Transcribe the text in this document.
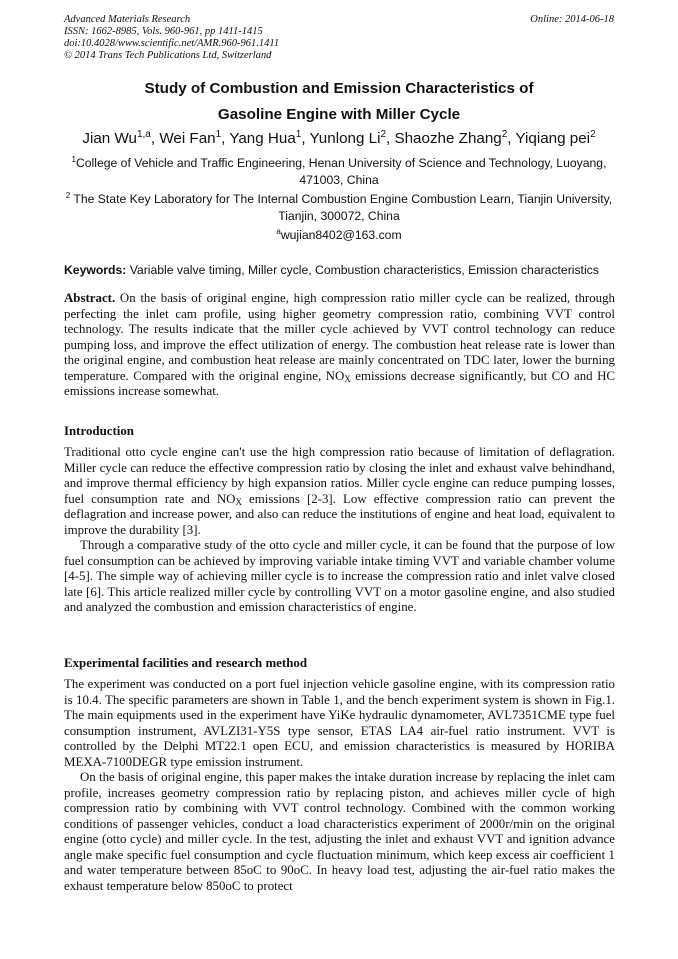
Advanced Materials Research
ISSN: 1662-8985, Vols. 960-961, pp 1411-1415
doi:10.4028/www.scientific.net/AMR.960-961.1411
© 2014 Trans Tech Publications Ltd, Switzerland
Online: 2014-06-18
Study of Combustion and Emission Characteristics of
Gasoline Engine with Miller Cycle
Jian Wu$^{1,a}$, Wei Fan$^1$, Yang Hua$^1$, Yunlong Li$^2$, Shaozhe Zhang$^2$, Yiqiang pei$^2$
$^1$College of Vehicle and Traffic Engineering, Henan University of Science and Technology, Luoyang, 471003, China
$^2$ The State Key Laboratory for The Internal Combustion Engine Combustion Learn, Tianjin University, Tianjin, 300072, China
$^a$wujian8402@163.com
Keywords: Variable valve timing, Miller cycle, Combustion characteristics, Emission characteristics
Abstract. On the basis of original engine, high compression ratio miller cycle can be realized, through perfecting the inlet cam profile, using higher geometry compression ratio, combining VVT control technology. The results indicate that the miller cycle achieved by VVT control technology can reduce pumping loss, and improve the effect utilization of energy. The combustion heat release rate is lower than the original engine, and combustion heat release are mainly concentrated on TDC later, lower the burning temperature. Compared with the original engine, $NO_X$ emissions decrease significantly, but CO and HC emissions increase somewhat.
Introduction
Traditional otto cycle engine can't use the high compression ratio because of limitation of deflagration. Miller cycle can reduce the effective compression ratio by closing the inlet and exhaust valve behindhand, and improve thermal efficiency by high expansion ratios. Miller cycle engine can reduce pumping losses, fuel consumption rate and $NO_X$ emissions [2-3]. Low effective compression ratio can prevent the deflagration and increase power, and also can reduce the institutions of engine and heat load, equivalent to improve the durability [3].
Through a comparative study of the otto cycle and miller cycle, it can be found that the purpose of low fuel consumption can be achieved by improving variable intake timing VVT and variable chamber volume [4-5]. The simple way of achieving miller cycle is to increase the compression ratio and inlet valve closed late [6]. This article realized miller cycle by controlling VVT on a motor gasoline engine, and also studied and analyzed the combustion and emission characteristics of engine.
Experimental facilities and research method
The experiment was conducted on a port fuel injection vehicle gasoline engine, with its compression ratio is 10.4. The specific parameters are shown in Table 1, and the bench experiment system is shown in Fig.1. The main equipments used in the experiment have YiKe hydraulic dynamometer, AVL7351CME type fuel consumption instrument, AVLZI31-Y5S type sensor, ETAS LA4 air-fuel ratio instrument. VVT is controlled by the Delphi MT22.1 open ECU, and emission characteristics is measured by HORIBA MEXA-7100DEGR type emission instrument.
On the basis of original engine, this paper makes the intake duration increase by replacing the inlet cam profile, increases geometry compression ratio by replacing piston, and achieves miller cycle of high compression ratio by combining with VVT control technology. Combined with the common working conditions of passenger vehicles, conduct a load characteristics experiment of 2000r/min on the original engine (otto cycle) and miller cycle. In the test, adjusting the inlet and exhaust VVT and ignition advance angle make specific fuel consumption and cycle fluctuation minimum, which keep excess air coefficient 1 and water temperature between 85oC to 90oC. In heavy load test, adjusting the air-fuel ratio makes the exhaust temperature below 850oC to protect
